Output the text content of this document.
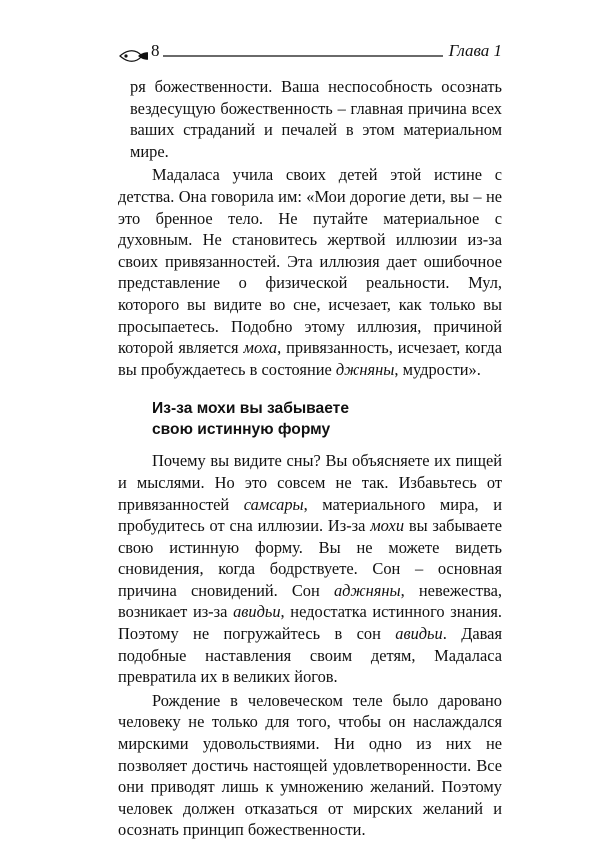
8	Глава 1

ря божественности. Ваша неспособность осознать вездесущую божественность – главная причина всех ваших страданий и печалей в этом материальном мире.

Мадаласа учила своих детей этой истине с детства. Она говорила им: «Мои дорогие дети, вы – не это бренное тело. Не путайте материальное с духовным. Не становитесь жертвой иллюзии из-за своих привязанностей. Эта иллюзия дает ошибочное представление о физической реальности. Мул, которого вы видите во сне, исчезает, как только вы просыпаетесь. Подобно этому иллюзия, причиной которой является моха, привязанность, исчезает, когда вы пробуждаетесь в состояние джняны, мудрости».

Из-за мохи вы забываете
свою истинную форму

Почему вы видите сны? Вы объясняете их пищей и мыслями. Но это совсем не так. Избавьтесь от привязанностей самсары, материального мира, и пробудитесь от сна иллюзии. Из-за мохи вы забываете свою истинную форму. Вы не можете видеть сновидения, когда бодрствуете. Сон – основная причина сновидений. Сон аджняны, невежества, возникает из-за авидьи, недостатка истинного знания. Поэтому не погружайтесь в сон авидьи. Давая подобные наставления своим детям, Мадаласа превратила их в великих йогов.

Рождение в человеческом теле было даровано человеку не только для того, чтобы он наслаждался мирскими удовольствиями. Ни одно из них не позволяет достичь настоящей удовлетворенности. Все они приводят лишь к умножению желаний. Поэтому человек должен отказаться от мирских желаний и осознать принцип божественности.
